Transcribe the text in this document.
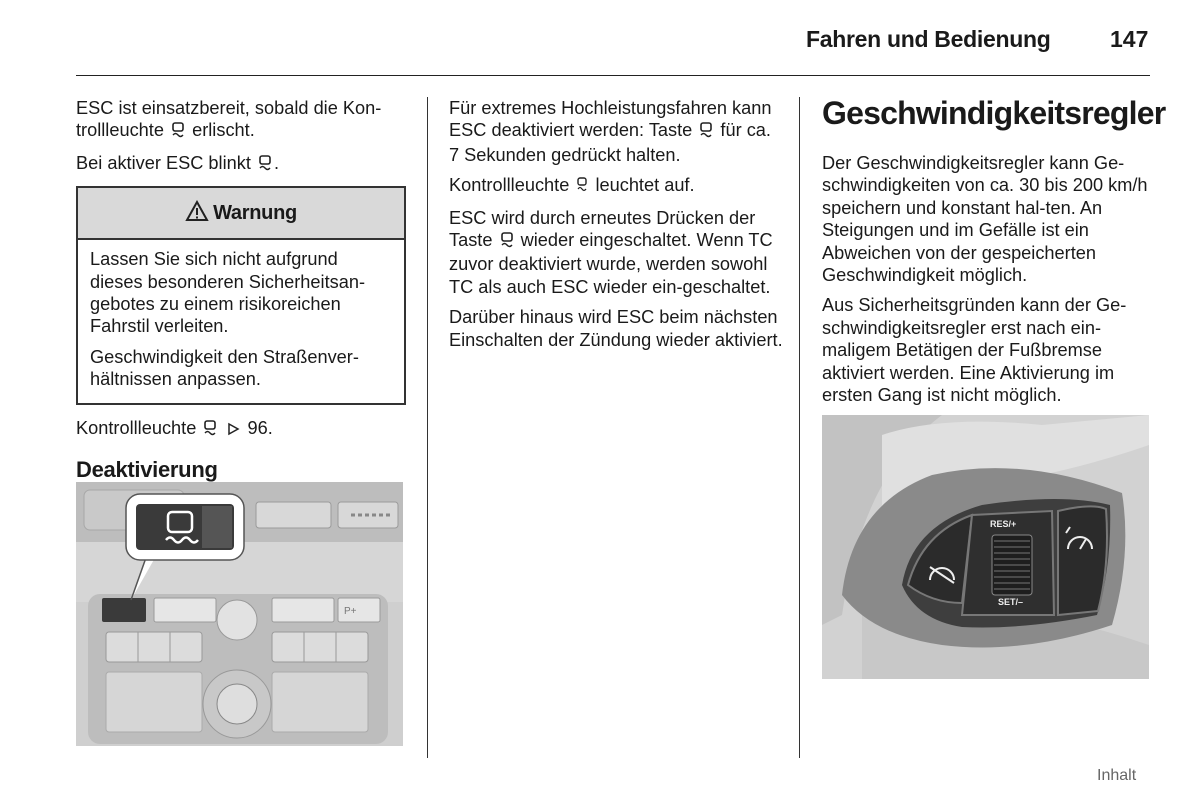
Fahren und Bedienung	147

ESC ist einsatzbereit, sobald die Kon-
trollleuchte erlischt.

Bei aktiver ESC blinkt .

Warnung

Lassen Sie sich nicht aufgrund dieses besonderen Sicherheitsan-gebotes zu einem risikoreichen Fahrstil verleiten.

Geschwindigkeit den Straßenver-hältnissen anpassen.

Kontrollleuchte	96.

Deaktivierung
P+

Für extremes Hochleistungsfahren kann ESC deaktiviert werden: Taste für ca. 7 Sekunden gedrückt halten.

Kontrollleuchte leuchtet auf.

ESC wird durch erneutes Drücken der Taste wieder eingeschaltet. Wenn TC zuvor deaktiviert wurde, werden sowohl TC als auch ESC wieder ein-geschaltet.

Darüber hinaus wird ESC beim nächsten Einschalten der Zündung wieder aktiviert.

Geschwindigkeitsregler

Der Geschwindigkeitsregler kann Ge-schwindigkeiten von ca. 30 bis 200 km/h speichern und konstant hal-ten. An Steigungen und im Gefälle ist ein Abweichen von der gespeicherten Geschwindigkeit möglich.

Aus Sicherheitsgründen kann der Ge-schwindigkeitsregler erst nach ein-maligem Betätigen der Fußbremse aktiviert werden. Eine Aktivierung im ersten Gang ist nicht möglich.

RES/+
SET/–
Inhalt
